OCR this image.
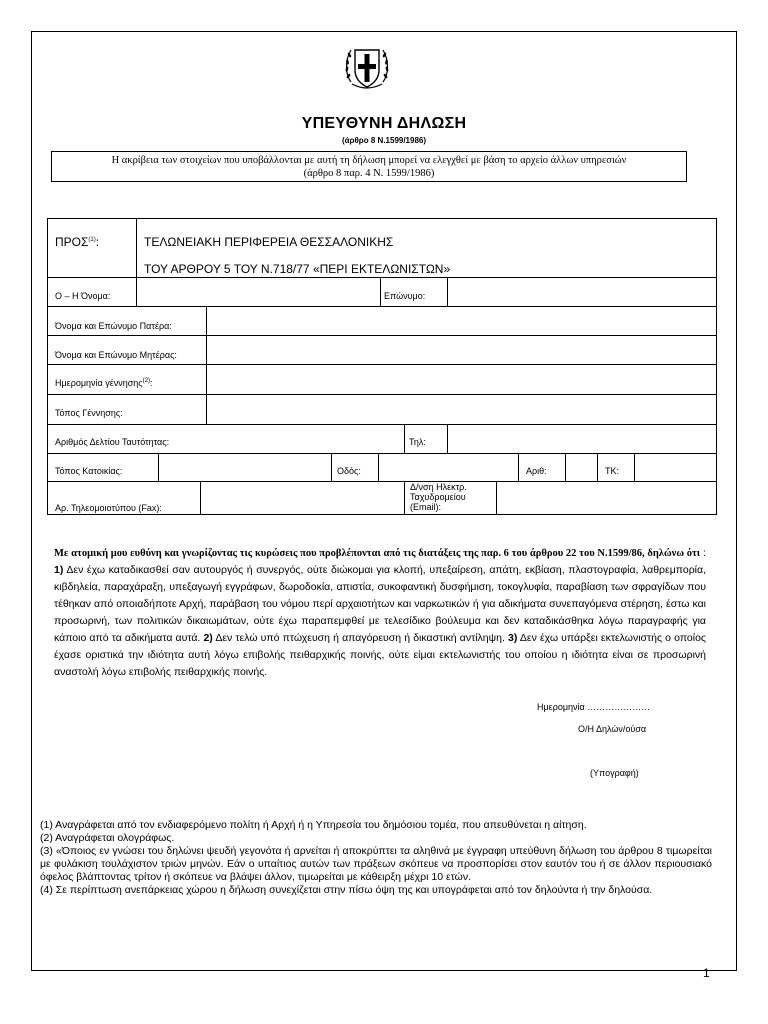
ΥΠΕΥΘΥΝΗ ΔΗΛΩΣΗ
(άρθρο 8 Ν.1599/1986)
Η ακρίβεια των στοιχείων που υποβάλλονται με αυτή τη δήλωση μπορεί να ελεγχθεί με βάση το αρχείο άλλων υπηρεσιών
(άρθρο 8 παρ. 4 Ν. 1599/1986)
ΠΡΟΣ$^{(1)}$:	ΤΕΛΩΝΕΙΑΚΗ ΠΕΡΙΦΕΡΕΙΑ ΘΕΣΣΑΛΟΝΙΚΗΣ
ΤΟΥ ΑΡΘΡΟΥ 5 ΤΟΥ Ν.718/77 «ΠΕΡΙ ΕΚΤΕΛΩΝΙΣΤΩΝ»
Ο – Η Όνομα:	Επώνυμο:
Όνομα και Επώνυμο Πατέρα:
Όνομα και Επώνυμο Μητέρας:
Ημερομηνία γέννησης$^{(2)}$:
Τόπος Γέννησης:
Αριθμός Δελτίου Ταυτότητας:	Τηλ:
Τόπος Κατοικίας:	Οδός:	Αριθ:	ΤΚ:
Αρ. Τηλεομοιοτύπου (Fax):
Δ/νση Ηλεκτρ.
Ταχυδρομείου
(Email):
Με ατομική μου ευθύνη και γνωρίζοντας τις κυρώσεις που προβλέπονται από τις διατάξεις της παρ. 6 του άρθρου 22 του Ν.1599/86, δηλώνω ότι : 1) Δεν έχω καταδικασθεί σαν αυτουργός ή συνεργός, ούτε διώκομαι για κλοπή, υπεξαίρεση, απάτη, εκβίαση, πλαστογραφία, λαθρεμπορία, κιβδηλεία, παραχάραξη, υπεξαγωγή εγγράφων, δωροδοκία, απιστία, συκοφαντική δυσφήμιση, τοκογλυφία, παραβίαση των σφραγίδων που τέθηκαν από οποιαδήποτε Αρχή, παράβαση του νόμου περί αρχαιοτήτων και ναρκωτικών ή για αδικήματα συνεπαγόμενα στέρηση, έστω και προσωρινή, των πολιτικών δικαιωμάτων, ούτε έχω παραπεμφθεί με τελεσίδικο βούλευμα και δεν καταδικάσθηκα λόγω παραγραφής για κάποιο από τα αδικήματα αυτά. 2) Δεν τελώ υπό πτώχευση ή απαγόρευση ή δικαστική αντίληψη. 3) Δεν έχω υπάρξει εκτελωνιστής ο οποίος έχασε οριστικά την ιδιότητα αυτή λόγω επιβολής πειθαρχικής ποινής, ούτε είμαι εκτελωνιστής του οποίου η ιδιότητα είναι σε προσωρινή αναστολή λόγω επιβολής πειθαρχικής ποινής.
Ημερομηνία …………………
Ο/Η Δηλών/ούσα
(Υπογραφή)

(1) Αναγράφεται από τον ενδιαφερόμενο πολίτη ή Αρχή ή η Υπηρεσία του δημόσιου τομέα, που απευθύνεται η αίτηση.

(2) Αναγράφεται ολογράφως.

(3) «Όποιος εν γνώσει του δηλώνει ψευδή γεγονότα ή αρνείται ή αποκρύπτει τα αληθινά με έγγραφη υπεύθυνη δήλωση του άρθρου 8 τιμωρείται με φυλάκιση τουλάχιστον τριών μηνών. Εάν ο υπαίτιος αυτών των πράξεων σκόπευε να προσπορίσει στον εαυτόν του ή σε άλλον περιουσιακό όφελος βλάπτοντας τρίτον ή σκόπευε να βλάψει άλλον, τιμωρείται με κάθειρξη μέχρι 10 ετών.

(4) Σε περίπτωση ανεπάρκειας χώρου η δήλωση συνεχίζεται στην πίσω όψη της και υπογράφεται από τον δηλούντα ή την δηλούσα.

1
